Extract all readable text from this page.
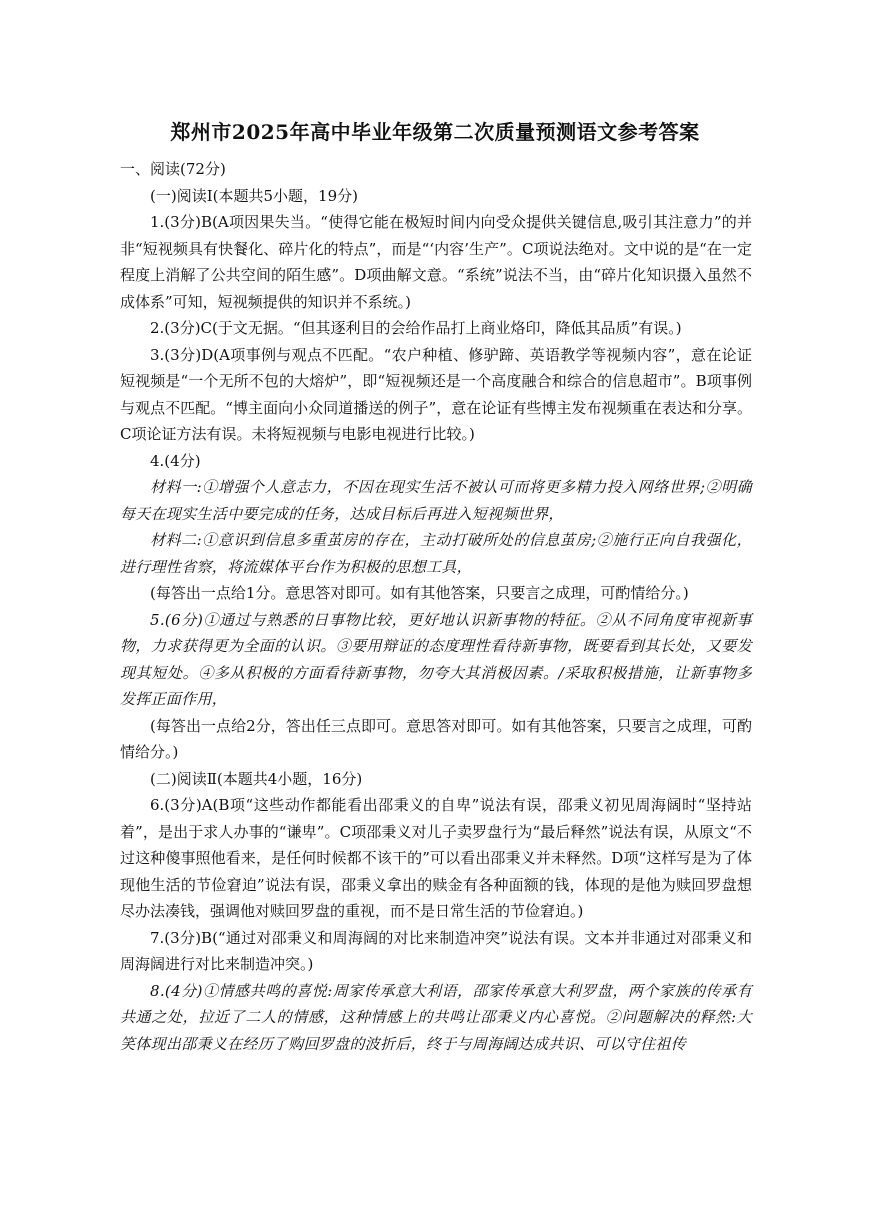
郑州市2025年高中毕业年级第二次质量预测语文参考答案

一、阅读(72分)

(一)阅读Ⅰ(本题共5小题，19分)

1.(3分)B(A项因果失当。“使得它能在极短时间内向受众提供关键信息,吸引其注意力”的并非“短视频具有快餐化、碎片化的特点”，而是“‘内容’生产”。C项说法绝对。文中说的是“在一定程度上消解了公共空间的陌生感”。D项曲解文意。“系统”说法不当，由“碎片化知识摄入虽然不成体系”可知，短视频提供的知识并不系统。)

2.(3分)C(于文无据。“但其逐利目的会给作品打上商业烙印，降低其品质”有误。)

3.(3分)D(A项事例与观点不匹配。“农户种植、修驴蹄、英语教学等视频内容”，意在论证短视频是“一个无所不包的大熔炉”，即“短视频还是一个高度融合和综合的信息超市”。B项事例与观点不匹配。“博主面向小众同道播送的例子”，意在论证有些博主发布视频重在表达和分享。C项论证方法有误。未将短视频与电影电视进行比较。)

4.(4分)

材料一:①增强个人意志力，不因在现实生活不被认可而将更多精力投入网络世界;②明确每天在现实生活中要完成的任务，达成目标后再进入短视频世界，

材料二:①意识到信息多重茧房的存在，主动打破所处的信息茧房;②施行正向自我强化，进行理性省察，将流媒体平台作为积极的思想工具，

(每答出一点给1分。意思答对即可。如有其他答案，只要言之成理，可酌情给分。)

5.(6分)①通过与熟悉的日事物比较，更好地认识新事物的特征。②从不同角度审视新事物，力求获得更为全面的认识。③要用辩证的态度理性看待新事物，既要看到其长处，又要发现其短处。④多从积极的方面看待新事物，勿夸大其消极因素。/采取积极措施，让新事物多发挥正面作用，

(每答出一点给2分，答出任三点即可。意思答对即可。如有其他答案，只要言之成理，可酌情给分。)

(二)阅读Ⅱ(本题共4小题，16分)

6.(3分)A(B项“这些动作都能看出邵秉义的自卑”说法有误，邵秉义初见周海阔时“坚持站着”，是出于求人办事的“谦卑”。C项邵秉义对儿子卖罗盘行为“最后释然”说法有误，从原文“不过这种傻事照他看来，是任何时候都不该干的”可以看出邵秉义并未释然。D项“这样写是为了体现他生活的节俭窘迫”说法有误，邵秉义拿出的赎金有各种面额的钱，体现的是他为赎回罗盘想尽办法凑钱，强调他对赎回罗盘的重视，而不是日常生活的节俭窘迫。)

7.(3分)B(“通过对邵秉义和周海阔的对比来制造冲突”说法有误。文本并非通过对邵秉义和周海阔进行对比来制造冲突。)

8.(4分)①情感共鸣的喜悦:周家传承意大利语，邵家传承意大利罗盘，两个家族的传承有共通之处，拉近了二人的情感，这种情感上的共鸣让邵秉义内心喜悦。②问题解决的释然:大笑体现出邵秉义在经历了购回罗盘的波折后，终于与周海阔达成共识、可以守住祖传
